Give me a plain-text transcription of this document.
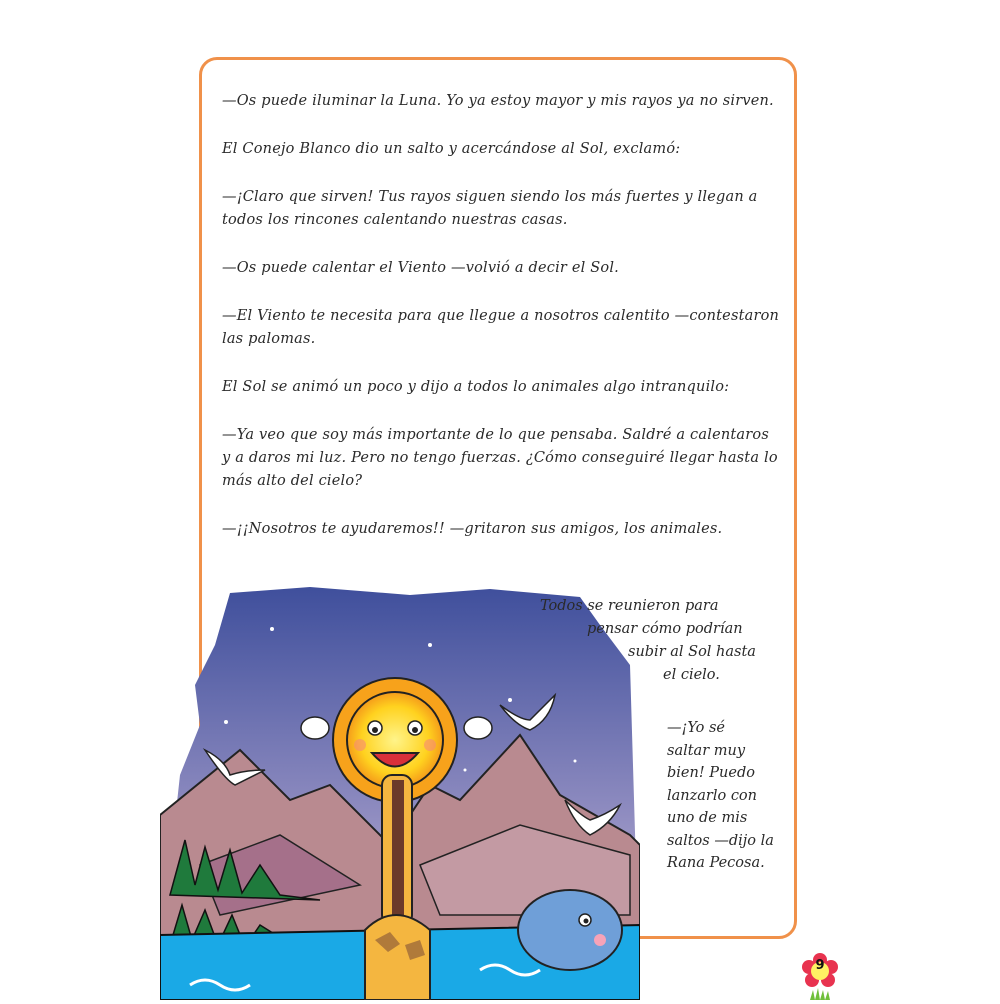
—Os puede iluminar la Luna. Yo ya estoy mayor y mis rayos ya no sirven.

El Conejo Blanco dio un salto y acercándose al Sol, exclamó:

—¡Claro que sirven! Tus rayos siguen siendo los más fuertes y llegan a todos los rincones calentando nuestras casas.

—Os puede calentar el Viento —volvió a decir el Sol.

—El Viento te necesita para que llegue a nosotros calentito —contestaron las palomas.

El Sol se animó un poco y dijo a todos lo animales algo intranquilo:

—Ya veo que soy más importante de lo que pensaba. Saldré a calentaros y a daros mi luz. Pero no tengo fuerzas. ¿Cómo conseguiré llegar hasta lo más alto del cielo?

—¡¡Nosotros te ayudaremos!! —gritaron sus amigos, los animales.

Todos se reunieron para
pensar cómo podrían
subir al Sol hasta
el cielo.
—¡Yo sé
saltar muy
bien! Puedo
lanzarlo con
uno de mis
saltos —dijo la
Rana Pecosa.
9
